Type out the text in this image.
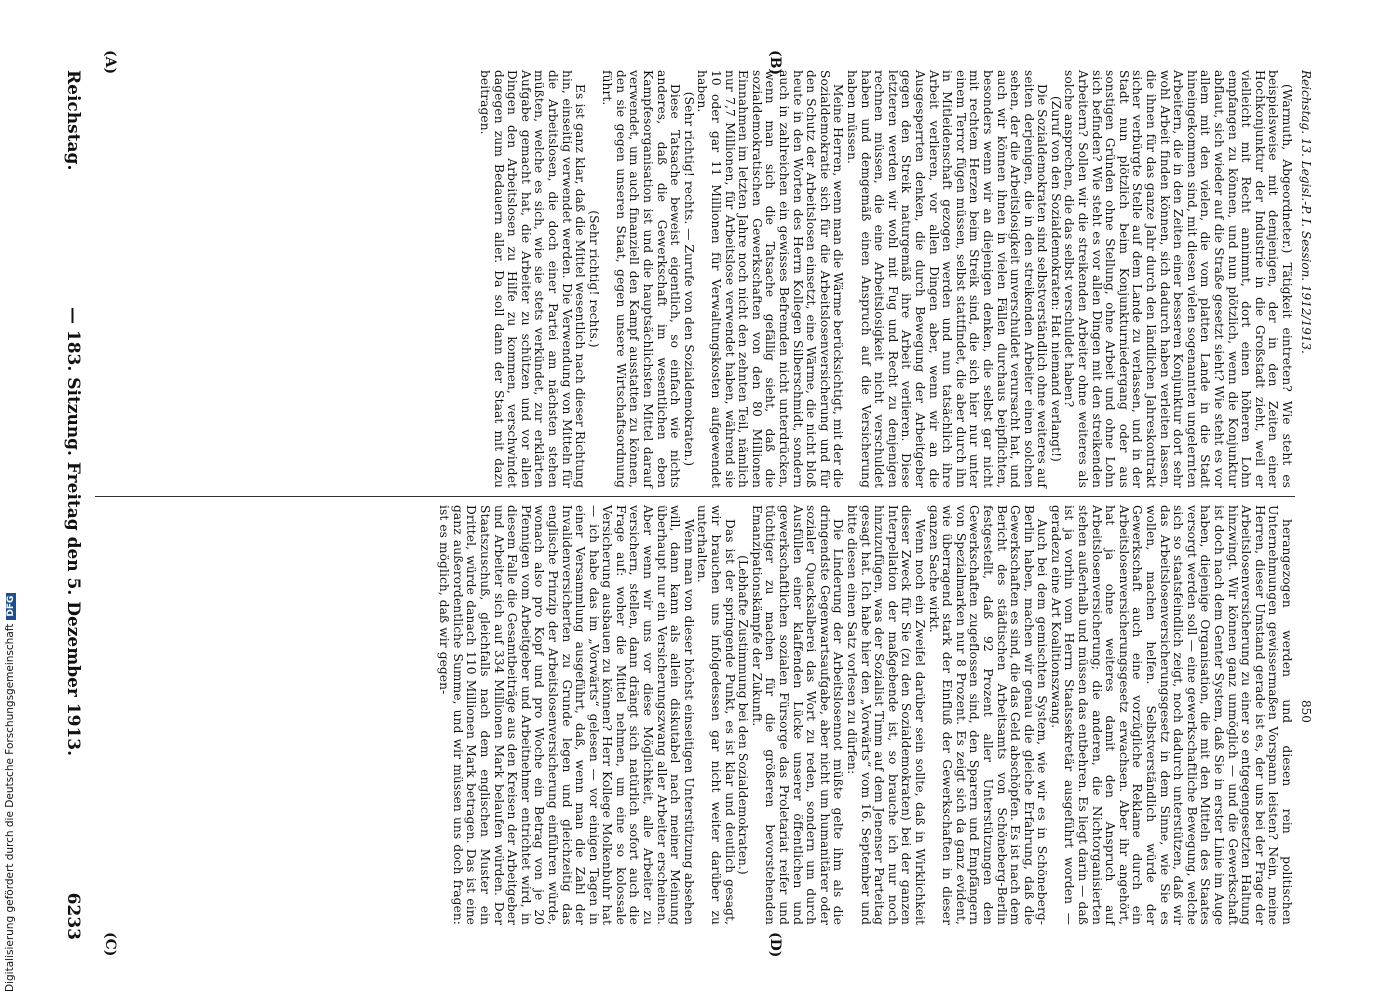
Reichstag.
— 183. Sitzung. Freitag den 5. Dezember 1913.
6233
(A)	(B)
(C)	(D)

(Warmuth, Abgeordneter.) Tätigkeit eintreten? Wie steht es beispielsweise mit demjenigen, der in den Zeiten einer Hochkonjunktur der Industrie in die Großstadt zieht, weil er vielleicht mit Recht annimmt, dort einen höheren Lohn empfangen zu können, und nun plötzlich, wenn die Konjunktur abflaut, sich wieder auf die Straße gesetzt sieht? Wie steht es vor allem mit den vielen, die vom platten Lande in die Stadt hineingekommen sind, mit diesen vielen sogenannten ungelernten Arbeitern, die in den Zeiten einer besseren Konjunktur dort sehr wohl Arbeit finden können, sich dadurch haben verleiten lassen, die ihnen für das ganze Jahr durch den ländlichen Jahreskontrakt sicher verbürgte Stelle auf dem Lande zu verlassen, und in der Stadt nun plötzlich beim Konjunkturniedergang oder aus sonstigen Gründen ohne Stellung, ohne Arbeit und ohne Lohn sich befinden? Wie steht es vor allen Dingen mit den streikenden Arbeitern? Sollen wir die streikenden Arbeiter ohne weiteres als solche ansprechen, die das selbst verschuldet haben?

(Zuruf von den Sozialdemokraten: Hat niemand verlangt!)

Die Sozialdemokraten sind selbstverständlich ohne weiteres auf seiten derjenigen, die in den streikenden Arbeiter einen solchen sehen, der die Arbeitslosigkeit unverschuldet verursacht hat, und auch wir können ihnen in vielen Fällen durchaus beipflichten, besonders wenn wir an diejenigen denken, die selbst gar nicht mit rechtem Herzen beim Streik sind, die sich hier nur unter einem Terror fügen müssen, selbst stattfindet, die aber durch ihn in Mitleidenschaft gezogen werden und nun tatsächlich ihre Arbeit verlieren, vor allen Dingen aber, wenn wir an die Ausgesperrten denken, die durch Bewegung der Arbeitgeber gegen den Streik naturgemäß ihre Arbeit verlieren. Diese letzteren werden wir wohl mit Fug und Recht zu denjenigen rechnen müssen, die eine Arbeitslosigkeit nicht verschuldet haben und demgemäß einen Anspruch auf die Versicherung haben müssen.

Meine Herren, wenn man die Wärme berücksichtigt, mit der die Sozialdemokratie sich für die Arbeitslosenversicherung und für den Schutz der Arbeitslosen einsetzt, eine Wärme, die nicht bloß heute in den Worten des Herrn Kollegen Silberschmidt, sondern auch in zahlreichen ein gewisses Befremden nicht unterdrücken, wenn man sich die Tatsache gefällig sieht, daß die sozialdemokratischen Gewerkschaften von den 80 Millionen Einnahmen im letzten Jahre noch nicht den zehnten Teil, nämlich nur 7,7 Millionen, für Arbeitslose verwendet haben, während sie 10 oder gar 11 Millionen für Verwaltungskosten aufgewendet haben.

(Sehr richtig! rechts. — Zurufe von den Sozialdemokraten.)

Diese Tatsache beweist eigentlich, so einfach wie nichts anderes, daß die Gewerkschaft im wesentlichen eben Kampfesorganisation ist und die hauptsächlichsten Mittel darauf verwendet, um auch finanziell den Kampf ausstatten zu können, den sie gegen unseren Staat, gegen unsere Wirtschaftsordnung führt.

(Sehr richtig! rechts.)

Es ist ganz klar, daß die Mittel wesentlich nach dieser Richtung hin, einseitig verwendet werden. Die Verwendung von Mitteln für die Arbeitslosen, die doch einer Partei am nächsten stehen müßten, welche es sich, wie sie stets verkündet, zur erklärten Aufgabe gemacht hat, die Arbeiter zu schützen und vor allen Dingen den Arbeitslosen zu Hilfe zu kommen, verschwindet dagegen zum Bedauern aller. Da soll dann der Staat mit dazu beitragen.

herangezogen werden und diesen rein politischen Unternehmungen gewissermaßen Vorspann leisten? Nein, meine Herren, dieser Umstand gerade ist es, der uns bei der Frage der Arbeitslosenversicherung zu einer so entgegengesetzten Haltung hinzwingt. Wir können ganz unmöglich — und die Gewerkschaft ist doch nach dem Genter System, daß Sie in erster Linie im Auge haben, diejenige Organisation, die mit den Mitteln des Staates versorgt werden soll — eine gewerkschaftliche Bewegung, welche sich so staatsfeindlich zeigt, noch dadurch unterstützen, daß wir das Arbeitslosenversicherungsgesetz in dem Sinne, wie Sie es wollen, machen helfen. Selbstverständlich würde der Gewerkschaft auch eine vorzügliche Reklame durch ein Arbeitslosenversicherungsgesetz erwachsen. Aber ihr angehört, hat ja ohne weiteres damit den Anspruch auf Arbeitslosenversicherung; die anderen, die Nichtorganisierten stehen außerhalb und müssen das entbehren. Es liegt darin — daß ist ja vorhin vom Herrn Staatssekretär ausgeführt worden — geradezu eine Art Koalitionszwang.

Auch bei dem gemischten System, wie wir es in Schöneberg-Berlin haben, machen wir genau die gleiche Erfahrung, daß die Gewerkschaften es sind, die das Geld abschöpfen. Es ist nach dem Bericht des städtischen Arbeitsamts von Schöneberg-Berlin festgestellt, daß 92 Prozent aller Unterstützungen den Gewerkschaften zugeflossen sind, den Sparern und Empfängern von Spezialmarken nur 8 Prozent. Es zeigt sich da ganz evident, wie überragend stark der Einfluß der Gewerkschaften in dieser ganzen Sache wirkt.

Wenn noch ein Zweifel darüber sein sollte, daß in Wirklichkeit dieser Zweck für Sie (zu den Sozialdemokraten) bei der ganzen Interpellation der maßgebende ist, so brauche ich nur noch hinzuzufügen, was der Sozialist Timm auf dem Jenenser Parteitag gesagt hat. Ich habe hier den „Vorwärts“ vom 16. September und bitte diesen einen Satz vorlesen zu dürfen:

Die Linderung der Arbeitslosennot müßte gelte ihm als die dringendste Gegenwartsaufgabe, aber nicht um humanitärer oder sozialer Quacksalberei das Wort zu reden, sondern um durch Ausfüllen einer klaffenden Lücke unserer öffentlichen und gewerkschaftlichen sozialen Fürsorge das Proletariat reifer und tüchtiger zu machen für die größeren bevorstehenden Emanzipationskämpfe der Zukunft.

(Lebhafte Zustimmung bei den Sozialdemokraten.)

Das ist der springende Punkt, es ist klar und deutlich gesagt, wir brauchen uns infolgedessen gar nicht weiter darüber zu unterhalten.

Wenn man von dieser höchst einseitigen Unterstützung absehen will, dann kann als allein diskutabel nach meiner Meinung überhaupt nur ein Versicherungszwang aller Arbeiter erscheinen. Aber wenn wir uns vor diese Möglichkeit, alle Arbeiter zu versichern, stellen, dann drängt sich natürlich sofort auch die Frage auf: woher die Mittel nehmen, um eine so kolossale Versicherung ausbauen zu können? Herr Kollege Molkenbuhr hat — ich habe das im „Vorwärts“ gelesen — vor einigen Tagen in einer Versammlung ausgeführt, daß, wenn man die Zahl der Invalidenversicherten zu Grunde legen und gleichzeitig das englische Prinzip der Arbeitslosenversicherung einführen würde, wonach also pro Kopf und pro Woche ein Betrag von je 20 Pfennigen vom Arbeitgeber und Arbeitnehmer entrichtet wird, in diesem Falle die Gesamtbeiträge aus den Kreisen der Arbeitgeber und Arbeiter sich auf 334 Millionen Mark belaufen würden. Der Staatszuschuß, gleichfalls nach dem englischen Muster ein Drittel, würde danach 110 Millionen Mark betragen. Das ist eine ganz außerordentliche Summe, und wir müssen uns doch fragen: ist es möglich, daß wir gegen-

Reichstag. 13. Legisl.-P. I. Session. 1912/1913.
850
Digitalisierung gefördert durch die Deutsche ForschungsgemeinschaftDFG
